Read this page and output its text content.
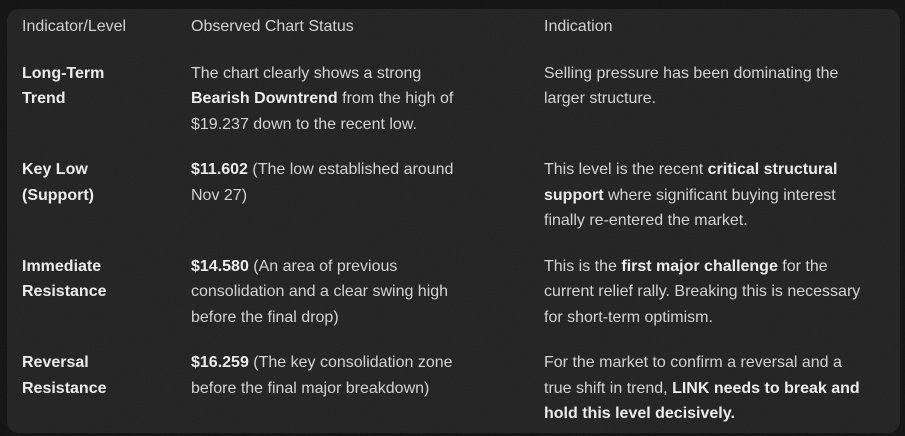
Indicator/Level	Observed Chart Status	Indication
Long-Term Trend	The chart clearly shows a strong Bearish Downtrend from the high of $19.237 down to the recent low.	Selling pressure has been dominating the larger structure.
Key Low (Support)	$11.602 (The low established around Nov 27)	This level is the recent critical structural support where significant buying interest finally re-entered the market.
Immediate Resistance	$14.580 (An area of previous consolidation and a clear swing high before the final drop)	This is the first major challenge for the current relief rally. Breaking this is necessary for short-term optimism.
Reversal Resistance	$16.259 (The key consolidation zone before the final major breakdown)	For the market to confirm a reversal and a true shift in trend, LINK needs to break and hold this level decisively.
